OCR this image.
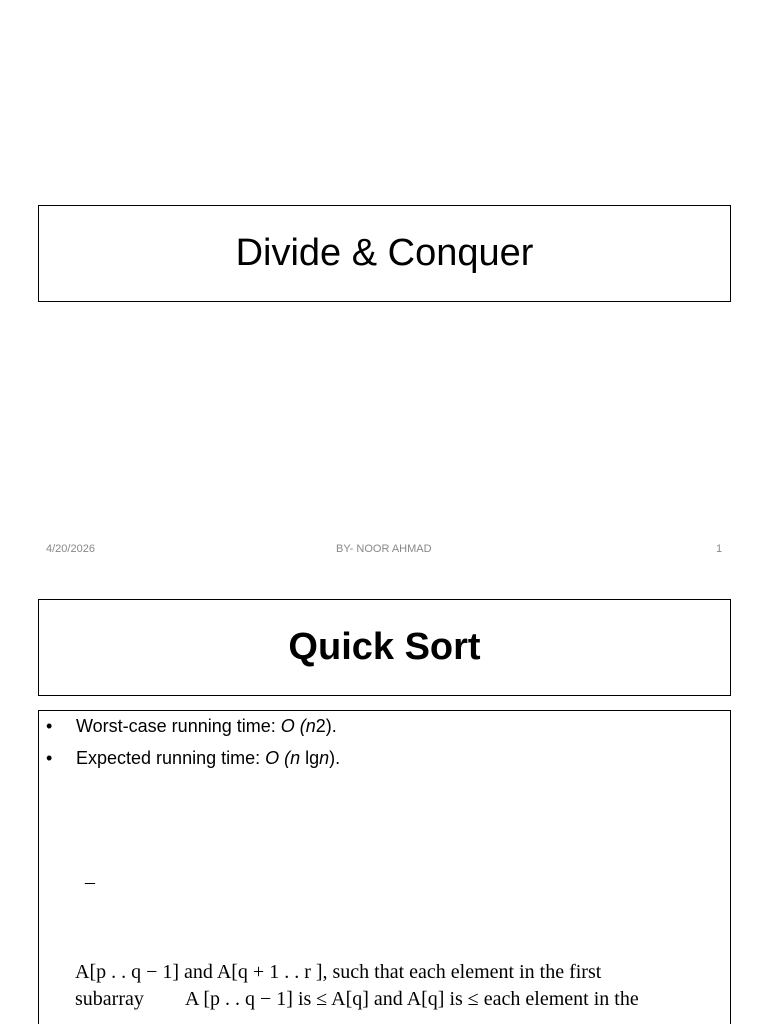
Divide & Conquer
4/20/2026	BY- NOOR AHMAD	1
Quick Sort
•	Worst-case running time: O (n2).
•	Expected running time: O (n lgn).
–
A[p . . q − 1] and A[q + 1 . . r ], such that each element in the first
subarray A [p . . q − 1] is ≤ A[q] and A[q] is ≤ each element in the
